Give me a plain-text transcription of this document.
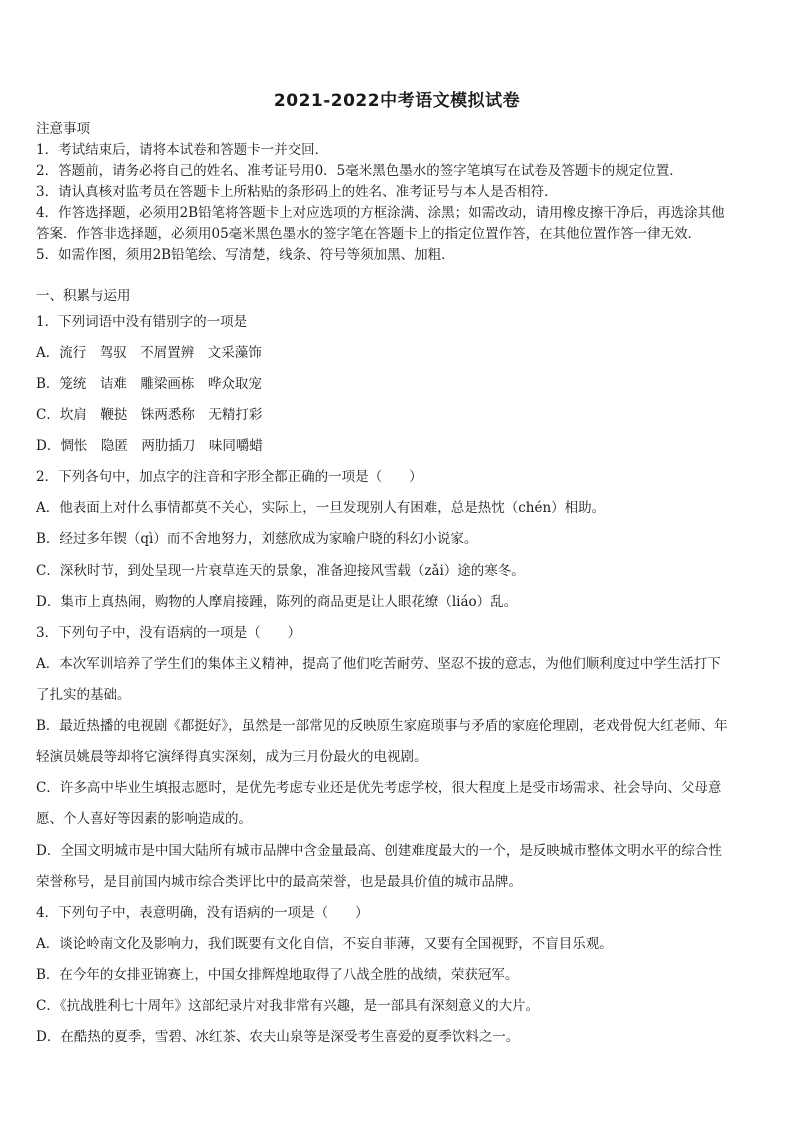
2021-2022中考语文模拟试卷
注意事项
1．考试结束后，请将本试卷和答题卡一并交回．
2．答题前，请务必将自己的姓名、准考证号用0．5毫米黑色墨水的签字笔填写在试卷及答题卡的规定位置．
3．请认真核对监考员在答题卡上所粘贴的条形码上的姓名、准考证号与本人是否相符．
4．作答选择题，必须用2B铅笔将答题卡上对应选项的方框涂满、涂黑；如需改动，请用橡皮擦干净后，再选涂其他
答案．作答非选择题，必须用05毫米黑色墨水的签字笔在答题卡上的指定位置作答，在其他位置作答一律无效．
5．如需作图，须用2B铅笔绘、写清楚，线条、符号等须加黑、加粗．
一、积累与运用
1．下列词语中没有错别字的一项是
A．流行　驾驭　不屑置辨　文采藻饰
B．笼统　诘难　雕梁画栋　哗众取宠
C．坎肩　鞭挞　铢两悉称　无精打彩
D．惆怅　隐匿　两肋插刀　味同嚼蜡
2．下列各句中，加点字的注音和字形全都正确的一项是（　　）
A．他表面上对什么事情都莫不关心，实际上，一旦发现别人有困难，总是热忱（chén）相助。
B．经过多年锲（qì）而不舍地努力，刘慈欣成为家喻户晓的科幻小说家。
C．深秋时节，到处呈现一片衰草连天的景象，准备迎接风雪载（zǎi）途的寒冬。
D．集市上真热闹，购物的人摩肩接踵，陈列的商品更是让人眼花缭（liáo）乱。
3．下列句子中，没有语病的一项是（　　）
A．本次军训培养了学生们的集体主义精神，提高了他们吃苦耐劳、坚忍不拔的意志，为他们顺利度过中学生活打下
了扎实的基础。
B．最近热播的电视剧《都挺好》，虽然是一部常见的反映原生家庭琐事与矛盾的家庭伦理剧，老戏骨倪大红老师、年
轻演员姚晨等却将它演绎得真实深刻，成为三月份最火的电视剧。
C．许多高中毕业生填报志愿时，是优先考虑专业还是优先考虑学校，很大程度上是受市场需求、社会导向、父母意
愿、个人喜好等因素的影响造成的。
D．全国文明城市是中国大陆所有城市品牌中含金量最高、创建难度最大的一个，是反映城市整体文明水平的综合性
荣誉称号，是目前国内城市综合类评比中的最高荣誉，也是最具价值的城市品牌。
4．下列句子中，表意明确，没有语病的一项是（　　）
A．谈论岭南文化及影响力，我们既要有文化自信，不妄自菲薄，又要有全国视野，不盲目乐观。
B．在今年的女排亚锦赛上，中国女排辉煌地取得了八战全胜的战绩，荣获冠军。
C．《抗战胜利七十周年》这部纪录片对我非常有兴趣，是一部具有深刻意义的大片。
D．在酷热的夏季，雪碧、冰红茶、农夫山泉等是深受考生喜爱的夏季饮料之一。
